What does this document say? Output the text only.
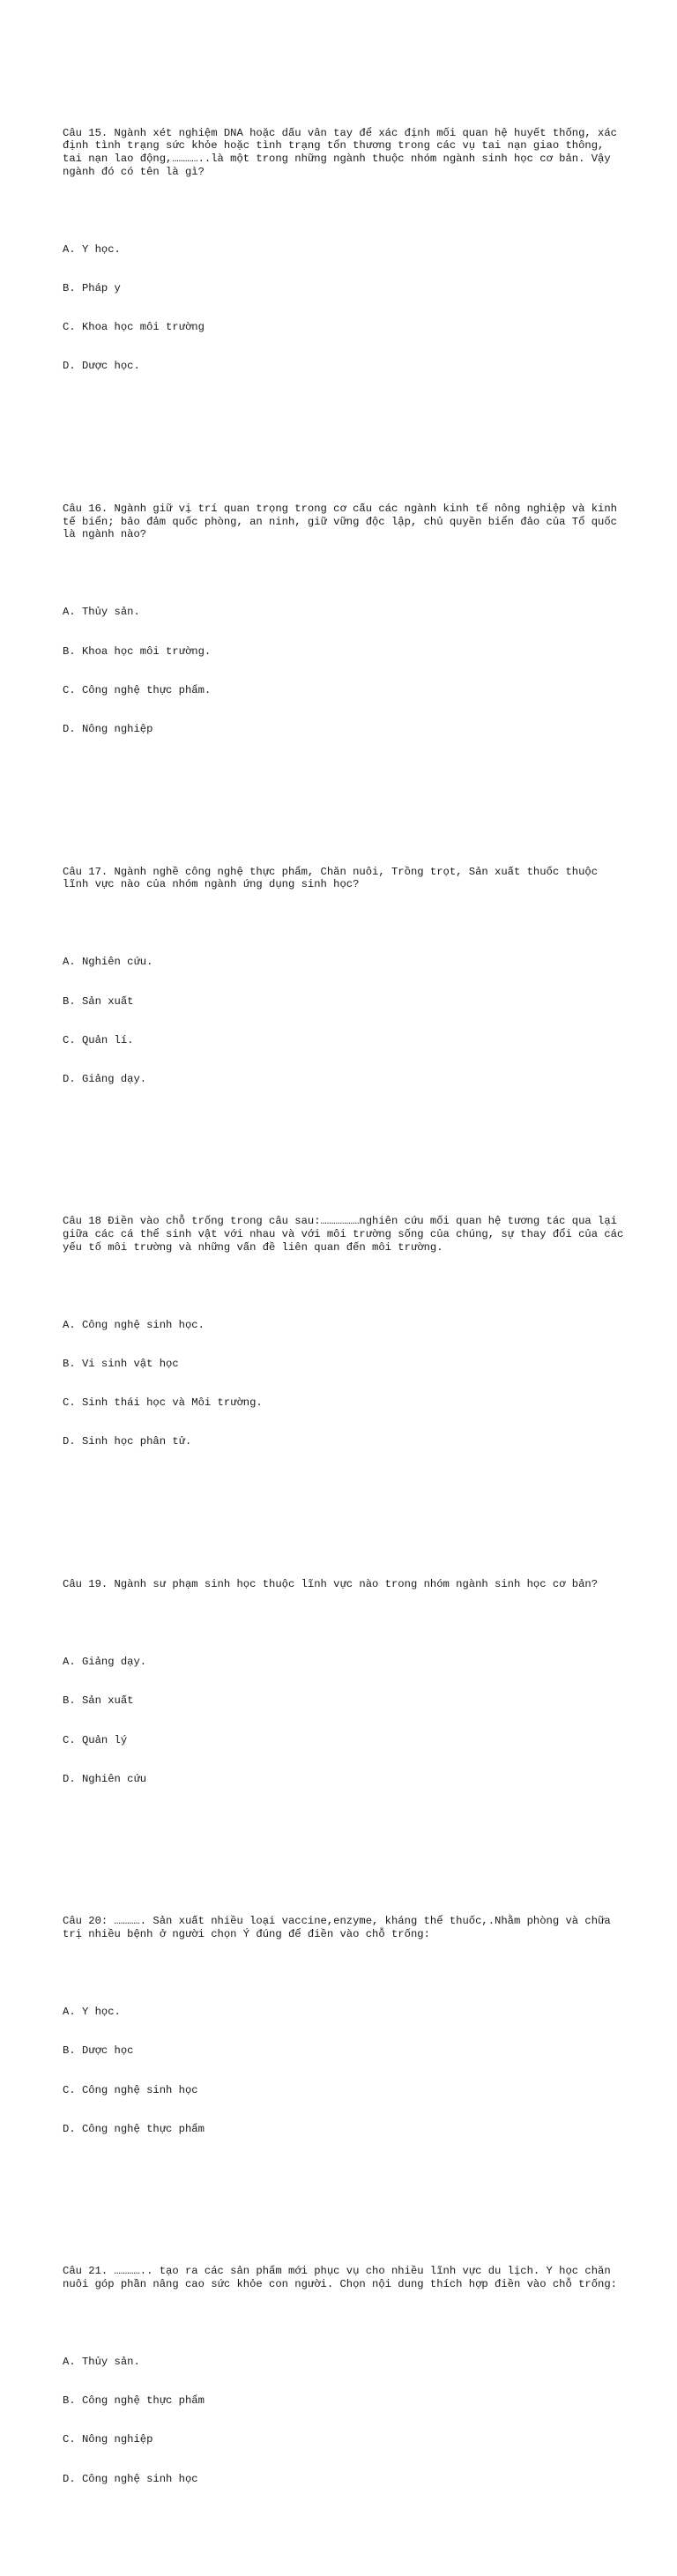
Câu 15. Ngành xét nghiệm DNA hoặc dấu vân tay để xác định mối quan hệ huyết thống, xác định tình trạng sức khỏe hoặc tình trạng tổn thương trong các vụ tai nạn giao thông, tai nạn lao động,…………..là một trong những ngành thuộc nhóm ngành sinh học cơ bản. Vậy ngành đó có tên là gì?

A. Y học.

B. Pháp y

C. Khoa học môi trường

D. Dược học.

Câu 16. Ngành giữ vị trí quan trọng trong cơ cấu các ngành kinh tế nông nghiệp và kinh tế biển; bảo đảm quốc phòng, an ninh, giữ vững độc lập, chủ quyền biển đảo của Tổ quốc là ngành nào?

A. Thủy sản.

B. Khoa học môi trường.

C. Công nghệ thực phẩm.

D. Nông nghiệp

Câu 17. Ngành nghề công nghệ thực phẩm, Chăn nuôi, Trồng trọt, Sản xuất thuốc thuộc lĩnh vực nào của nhóm ngành ứng dụng sinh học?

A. Nghiên cứu.

B. Sản xuất

C. Quản lí.

D. Giảng dạy.

Câu 18 Điền vào chỗ trống trong câu sau:………………nghiên cứu mối quan hệ tương tác qua lại giữa các cá thể sinh vật với nhau và với môi trường sống của chúng, sự thay đổi của các yếu tố môi trường và những vấn đề liên quan đến môi trường.

A. Công nghệ sinh học.

B. Vi sinh vật học

C. Sinh thái học và Môi trường.

D. Sinh học phân tử.

Câu 19. Ngành sư phạm sinh học thuộc lĩnh vực nào trong nhóm ngành sinh học cơ bản?

A. Giảng dạy.

B. Sản xuất

C. Quản lý

D. Nghiên cứu

Câu 20: …………. Sản xuất nhiều loại vaccine,enzyme, kháng thể thuốc,.Nhằm phòng và chữa trị nhiều bệnh ở người chọn Ý đúng để điền vào chỗ trống:

A. Y học.

B. Dược học

C. Công nghệ sinh học

D. Công nghệ thực phẩm

Câu 21. ………….. tạo ra các sản phẩm mới phục vụ cho nhiều lĩnh vực du lịch. Y học chăn nuôi góp phần nâng cao sức khỏe con người. Chọn nội dung thích hợp điền vào chỗ trống:

A. Thủy sản.

B. Công nghệ thực phẩm

C. Nông nghiệp

D. Công nghệ sinh học
